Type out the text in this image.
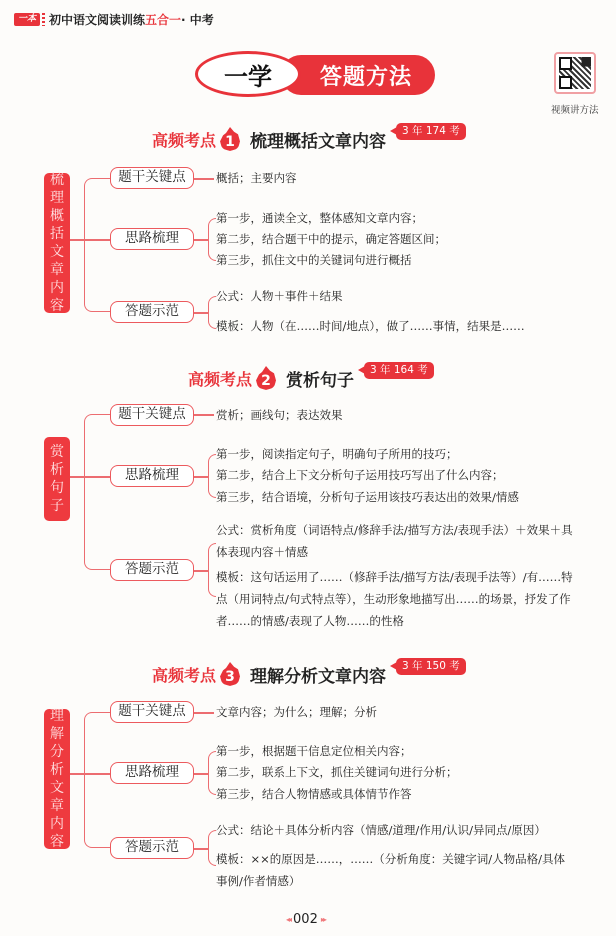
一本	初中语文阅读训练五合一· 中考
答题方法
一学
视频讲方法
高频考点 1 梳理概括文章内容
3 年 174 考
梳
理
概
括
文
章
内
容
题干关键点	概括；主要内容
思路梳理
第一步，通读全文，整体感知文章内容；
第二步，结合题干中的提示，确定答题区间；
第三步，抓住文中的关键词句进行概括
答题示范
公式：人物＋事件＋结果
模板：人物（在……时间/地点），做了……事情，结果是……
高频考点 2 赏析句子
3 年 164 考
赏
析
句
子
题干关键点	赏析；画线句；表达效果
思路梳理
第一步，阅读指定句子，明确句子所用的技巧；
第二步，结合上下文分析句子运用技巧写出了什么内容；
第三步，结合语境，分析句子运用该技巧表达出的效果/情感
答题示范
公式：赏析角度（词语特点/修辞手法/描写方法/表现手法）＋效果＋具体表现内容＋情感
模板：这句话运用了……（修辞手法/描写方法/表现手法等）/有……特点（用词特点/句式特点等），生动形象地描写出……的场景，抒发了作者……的情感/表现了人物……的性格
高频考点 3 理解分析文章内容
3 年 150 考
理
解
分
析
文
章
内
容
题干关键点	文章内容；为什么；理解；分析
思路梳理
第一步，根据题干信息定位相关内容；
第二步，联系上下文，抓住关键词句进行分析；
第三步，结合人物情感或具体情节作答
答题示范
公式：结论＋具体分析内容（情感/道理/作用/认识/异同点/原因）
模板：××的原因是……，……（分析角度：关键字词/人物品格/具体事例/作者情感）
◂◂ 002 ▸▸
